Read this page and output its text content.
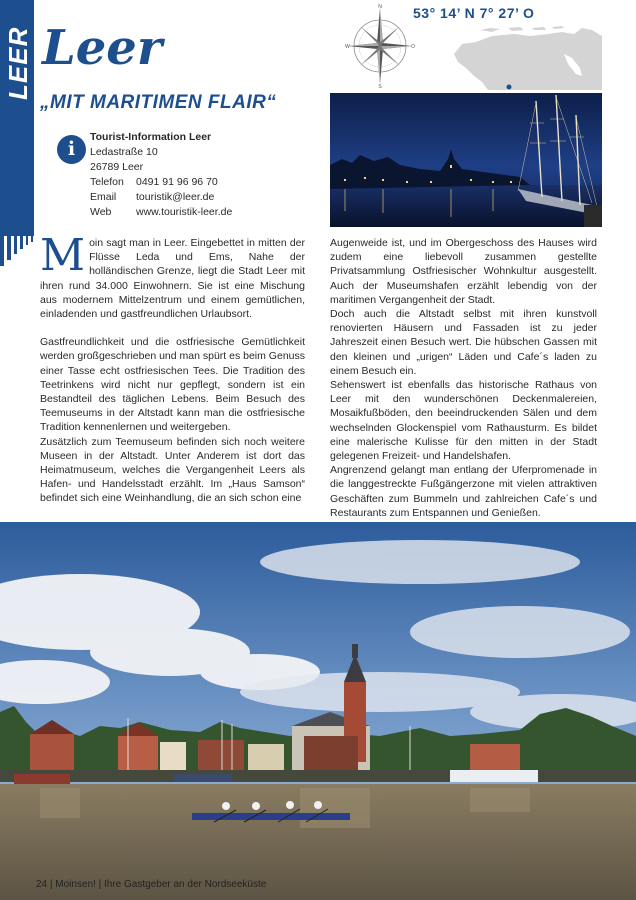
LEER Leer
N
O
S
W
53° 14’ N 7° 27’ O
„MIT MARITIMEN FLAIR“
i
Tourist-Information Leer
Ledastraße 10
26789 Leer
Telefon	0491 91 96 96 70
Email	touristik@leer.de
Web	www.touristik-leer.de

Moin sagt man in Leer. Eingebettet in mitten der Flüsse Leda und Ems, Nahe der holländischen Grenze, liegt die Stadt Leer mit ihren rund 34.000 Einwohnern. Sie ist eine Mischung aus modernem Mittelzentrum und einem gemütlichen, einladenden und gastfreundlichen Urlaubsort.

Gastfreundlichkeit und die ostfriesische Gemütlichkeit werden großgeschrieben und man spürt es beim Genuss einer Tasse echt ostfriesischen Tees. Die Tradition des Teetrinkens wird nicht nur gepflegt, sondern ist ein Bestandteil des täglichen Lebens. Beim Besuch des Teemuseums in der Altstadt kann man die ostfriesische Tradition kennenlernen und weitergeben.

Zusätzlich zum Teemuseum befinden sich noch weitere Museen in der Altstadt. Unter Anderem ist dort das Heimatmuseum, welches die Vergangenheit Leers als Hafen- und Handelsstadt erzählt. Im „Haus Samson“ befindet sich eine Weinhandlung, die an sich schon eine

Augenweide ist, und im Obergeschoss des Hauses wird zudem eine liebevoll zusammen gestellte Privatsammlung Ostfriesischer Wohnkultur ausgestellt. Auch der Museumshafen erzählt lebendig von der maritimen Vergangenheit der Stadt.

Doch auch die Altstadt selbst mit ihren kunstvoll renovierten Häusern und Fassaden ist zu jeder Jahreszeit einen Besuch wert. Die hübschen Gassen mit den kleinen und „urigen“ Läden und Cafe´s laden zu einem Besuch ein.

Sehenswert ist ebenfalls das historische Rathaus von Leer mit den wunderschönen Deckenmalereien, Mosaikfußböden, den beeindruckenden Sälen und dem wechselnden Glockenspiel vom Rathausturm. Es bildet eine malerische Kulisse für den mitten in der Stadt gelegenen Freizeit- und Handelshafen.

Angrenzend gelangt man entlang der Uferpromenade in die langgestreckte Fußgängerzone mit vielen attraktiven Geschäften zum Bummeln und zahlreichen Cafe´s und Restaurants zum Entspannen und Genießen.

24 | Moinsen! | Ihre Gastgeber an der Nordseeküste
